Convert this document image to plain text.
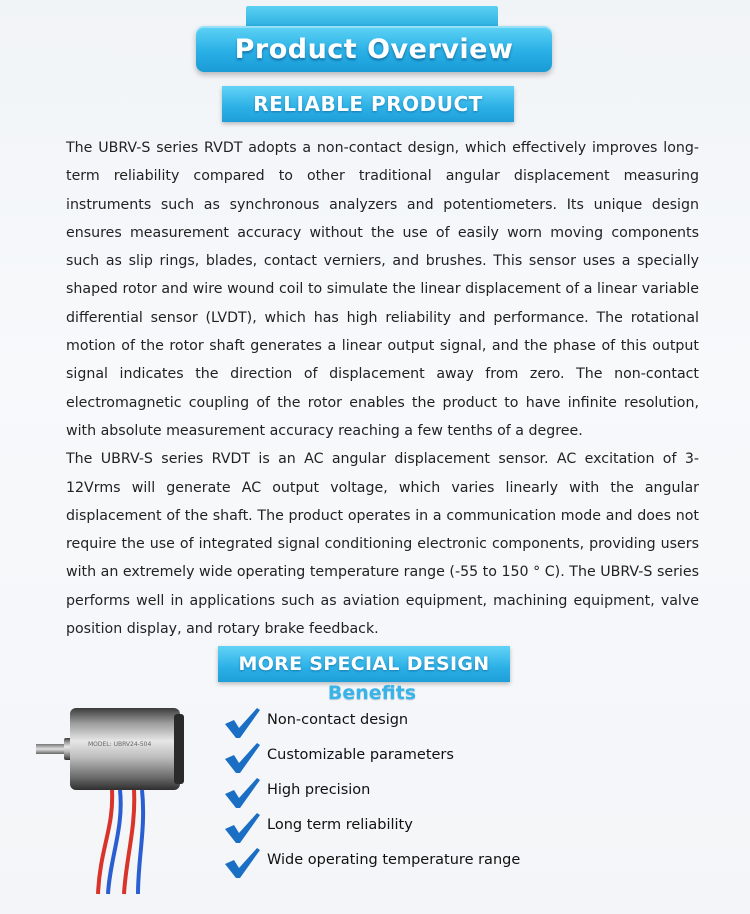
Product Overview
RELIABLE PRODUCT

The UBRV-S series RVDT adopts a non-contact design, which effectively improves long-term reliability compared to other traditional angular displacement measuring instruments such as synchronous analyzers and potentiometers. Its unique design ensures measurement accuracy without the use of easily worn moving components such as slip rings, blades, contact verniers, and brushes. This sensor uses a specially shaped rotor and wire wound coil to simulate the linear displacement of a linear variable differential sensor (LVDT), which has high reliability and performance. The rotational motion of the rotor shaft generates a linear output signal, and the phase of this output signal indicates the direction of displacement away from zero. The non-contact electromagnetic coupling of the rotor enables the product to have infinite resolution, with absolute measurement accuracy reaching a few tenths of a degree.

The UBRV-S series RVDT is an AC angular displacement sensor. AC excitation of 3-12Vrms will generate AC output voltage, which varies linearly with the angular displacement of the shaft. The product operates in a communication mode and does not require the use of integrated signal conditioning electronic components, providing users with an extremely wide operating temperature range (-55 to 150 ° C). The UBRV-S series performs well in applications such as aviation equipment, machining equipment, valve position display, and rotary brake feedback.

MORE SPECIAL DESIGN
Benefits
MODEL: UBRV24-504
Non-contact design
Customizable parameters
High precision
Long term reliability
Wide operating temperature range
